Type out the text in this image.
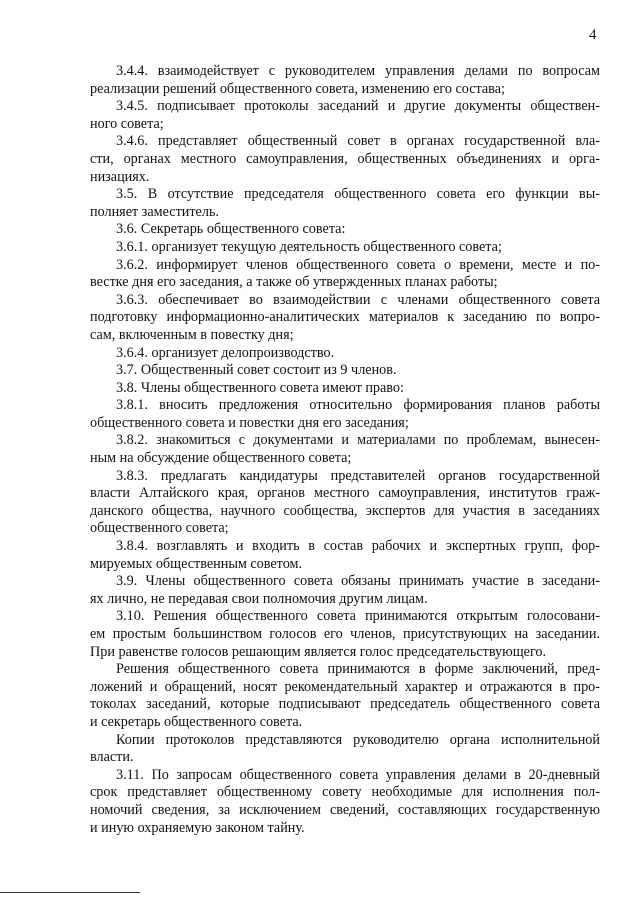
4
3.4.4. взаимодействует с руководителем управления делами по вопросам
реализации решений общественного совета, изменению его состава;
3.4.5. подписывает протоколы заседаний и другие документы обществен-
ного совета;
3.4.6. представляет общественный совет в органах государственной вла-
сти, органах местного самоуправления, общественных объединениях и орга-
низациях.
3.5. В отсутствие председателя общественного совета его функции вы-
полняет заместитель.
3.6. Секретарь общественного совета:
3.6.1. организует текущую деятельность общественного совета;
3.6.2. информирует членов общественного совета о времени, месте и по-
вестке дня его заседания, а также об утвержденных планах работы;
3.6.3. обеспечивает во взаимодействии с членами общественного совета
подготовку информационно-аналитических материалов к заседанию по вопро-
сам, включенным в повестку дня;
3.6.4. организует делопроизводство.
3.7. Общественный совет состоит из 9 членов.
3.8. Члены общественного совета имеют право:
3.8.1. вносить предложения относительно формирования планов работы
общественного совета и повестки дня его заседания;
3.8.2. знакомиться с документами и материалами по проблемам, вынесен-
ным на обсуждение общественного совета;
3.8.3. предлагать кандидатуры представителей органов государственной
власти Алтайского края, органов местного самоуправления, институтов граж-
данского общества, научного сообщества, экспертов для участия в заседаниях
общественного совета;
3.8.4. возглавлять и входить в состав рабочих и экспертных групп, фор-
мируемых общественным советом.
3.9. Члены общественного совета обязаны принимать участие в заседани-
ях лично, не передавая свои полномочия другим лицам.
3.10. Решения общественного совета принимаются открытым голосовани-
ем простым большинством голосов его членов, присутствующих на заседании.
При равенстве голосов решающим является голос председательствующего.
Решения общественного совета принимаются в форме заключений, пред-
ложений и обращений, носят рекомендательный характер и отражаются в про-
токолах заседаний, которые подписывают председатель общественного совета
и секретарь общественного совета.
Копии протоколов представляются руководителю органа исполнительной
власти.
3.11. По запросам общественного совета управления делами в 20-дневный
срок представляет общественному совету необходимые для исполнения пол-
номочий сведения, за исключением сведений, составляющих государственную
и иную охраняемую законом тайну.
